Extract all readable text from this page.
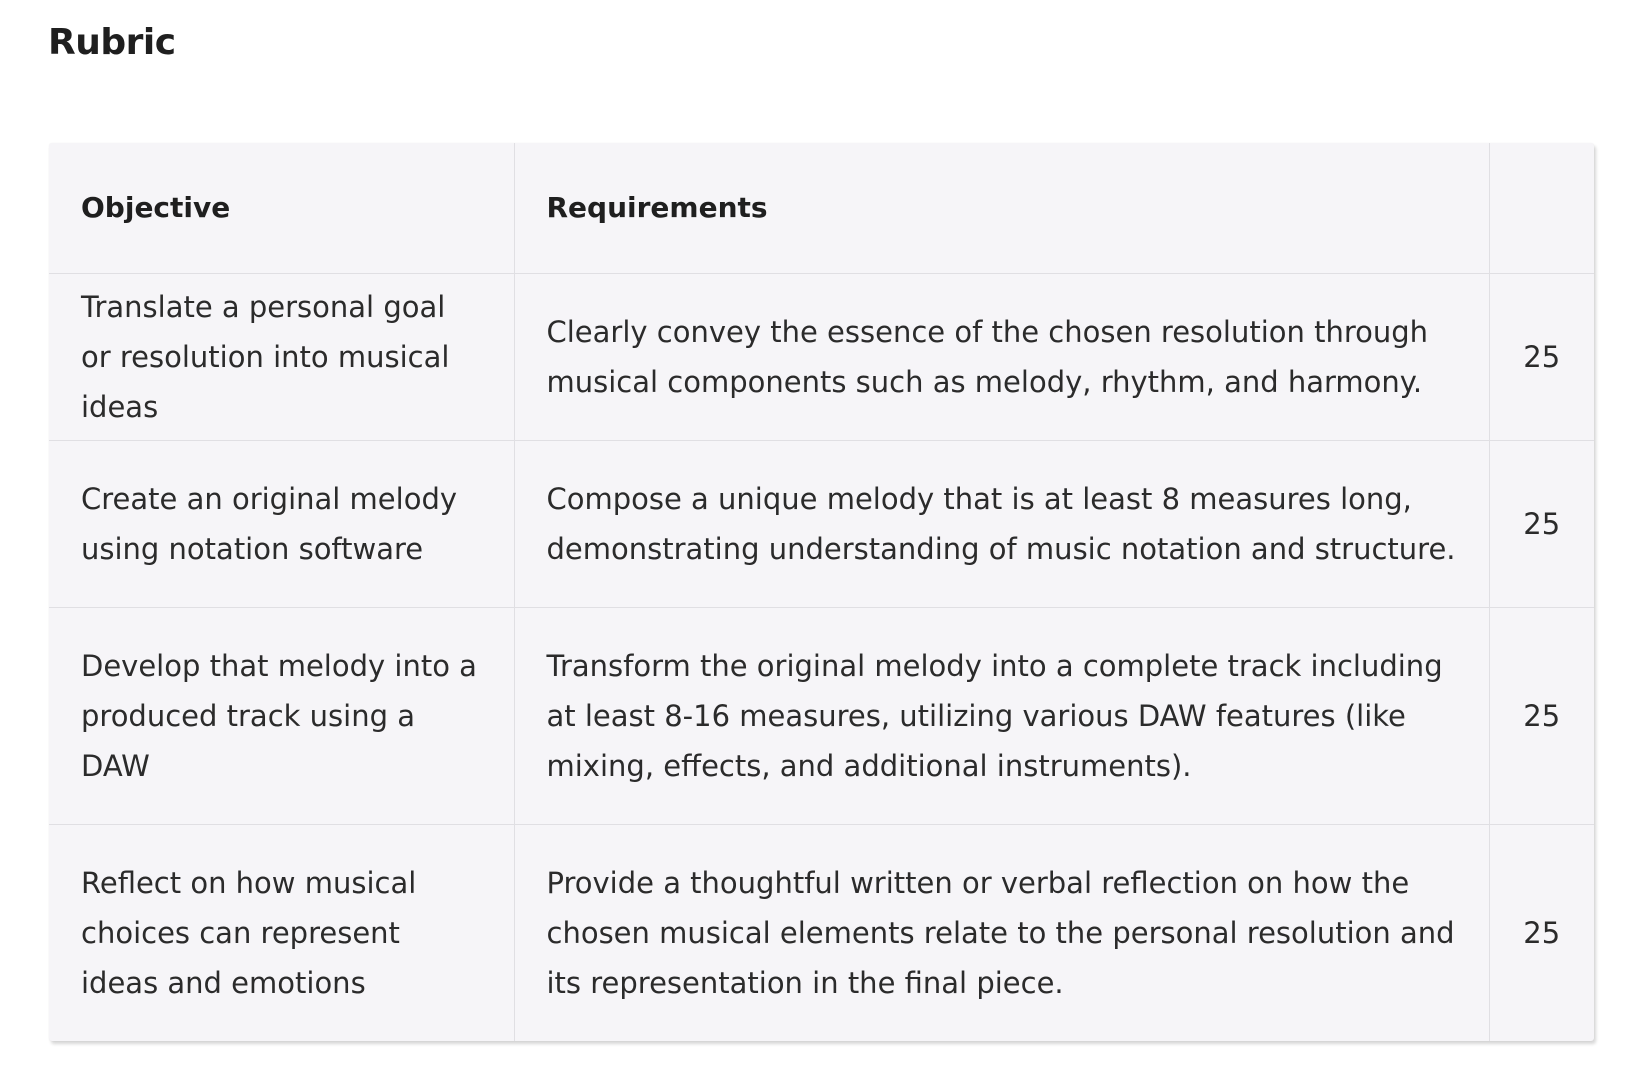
Rubric
Objective	Requirements	
Translate a personal goal or resolution into musical ideas	Clearly convey the essence of the chosen resolution through musical components such as melody, rhythm, and harmony.	25
Create an original melody using notation software	Compose a unique melody that is at least 8 measures long, demonstrating understanding of music notation and structure.	25
Develop that melody into a produced track using a DAW	Transform the original melody into a complete track including at least 8-16 measures, utilizing various DAW features (like mixing, effects, and additional instruments).	25
Reflect on how musical choices can represent ideas and emotions	Provide a thoughtful written or verbal reflection on how the chosen musical elements relate to the personal resolution and its representation in the final piece.	25
